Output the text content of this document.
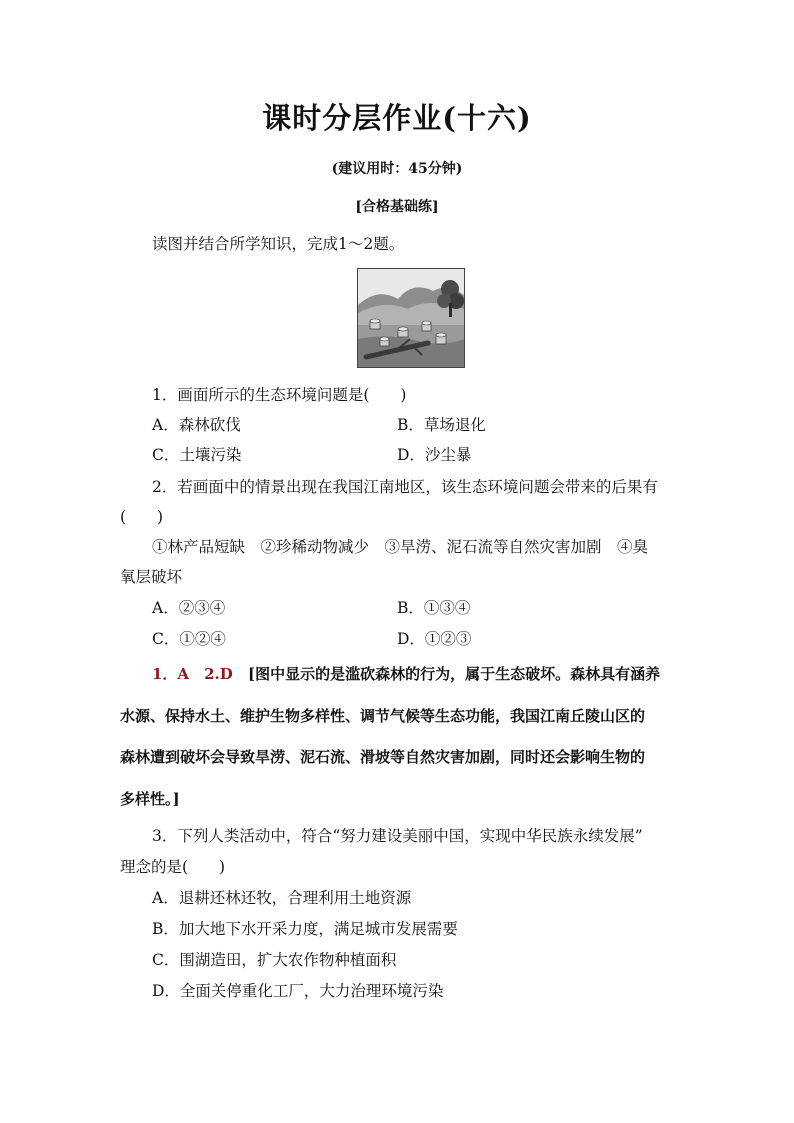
课时分层作业(十六)
(建议用时：45分钟)
[合格基础练]
读图并结合所学知识，完成1～2题。
1．画面所示的生态环境问题是(　　)
A．森林砍伐	B．草场退化
C．土壤污染	D．沙尘暴
2．若画面中的情景出现在我国江南地区，该生态环境问题会带来的后果有
(　　)
①林产品短缺　②珍稀动物减少　③旱涝、泥石流等自然灾害加剧　④臭
氧层破坏
A．②③④	B．①③④
C．①②④	D．①②③
1．A　2.D [图中显示的是滥砍森林的行为，属于生态破坏。森林具有涵养
水源、保持水土、维护生物多样性、调节气候等生态功能，我国江南丘陵山区的
森林遭到破坏会导致旱涝、泥石流、滑坡等自然灾害加剧，同时还会影响生物的
多样性。]
3．下列人类活动中，符合“努力建设美丽中国，实现中华民族永续发展”
理念的是(　　)
A．退耕还林还牧，合理利用土地资源
B．加大地下水开采力度，满足城市发展需要
C．围湖造田，扩大农作物种植面积
D．全面关停重化工厂，大力治理环境污染
